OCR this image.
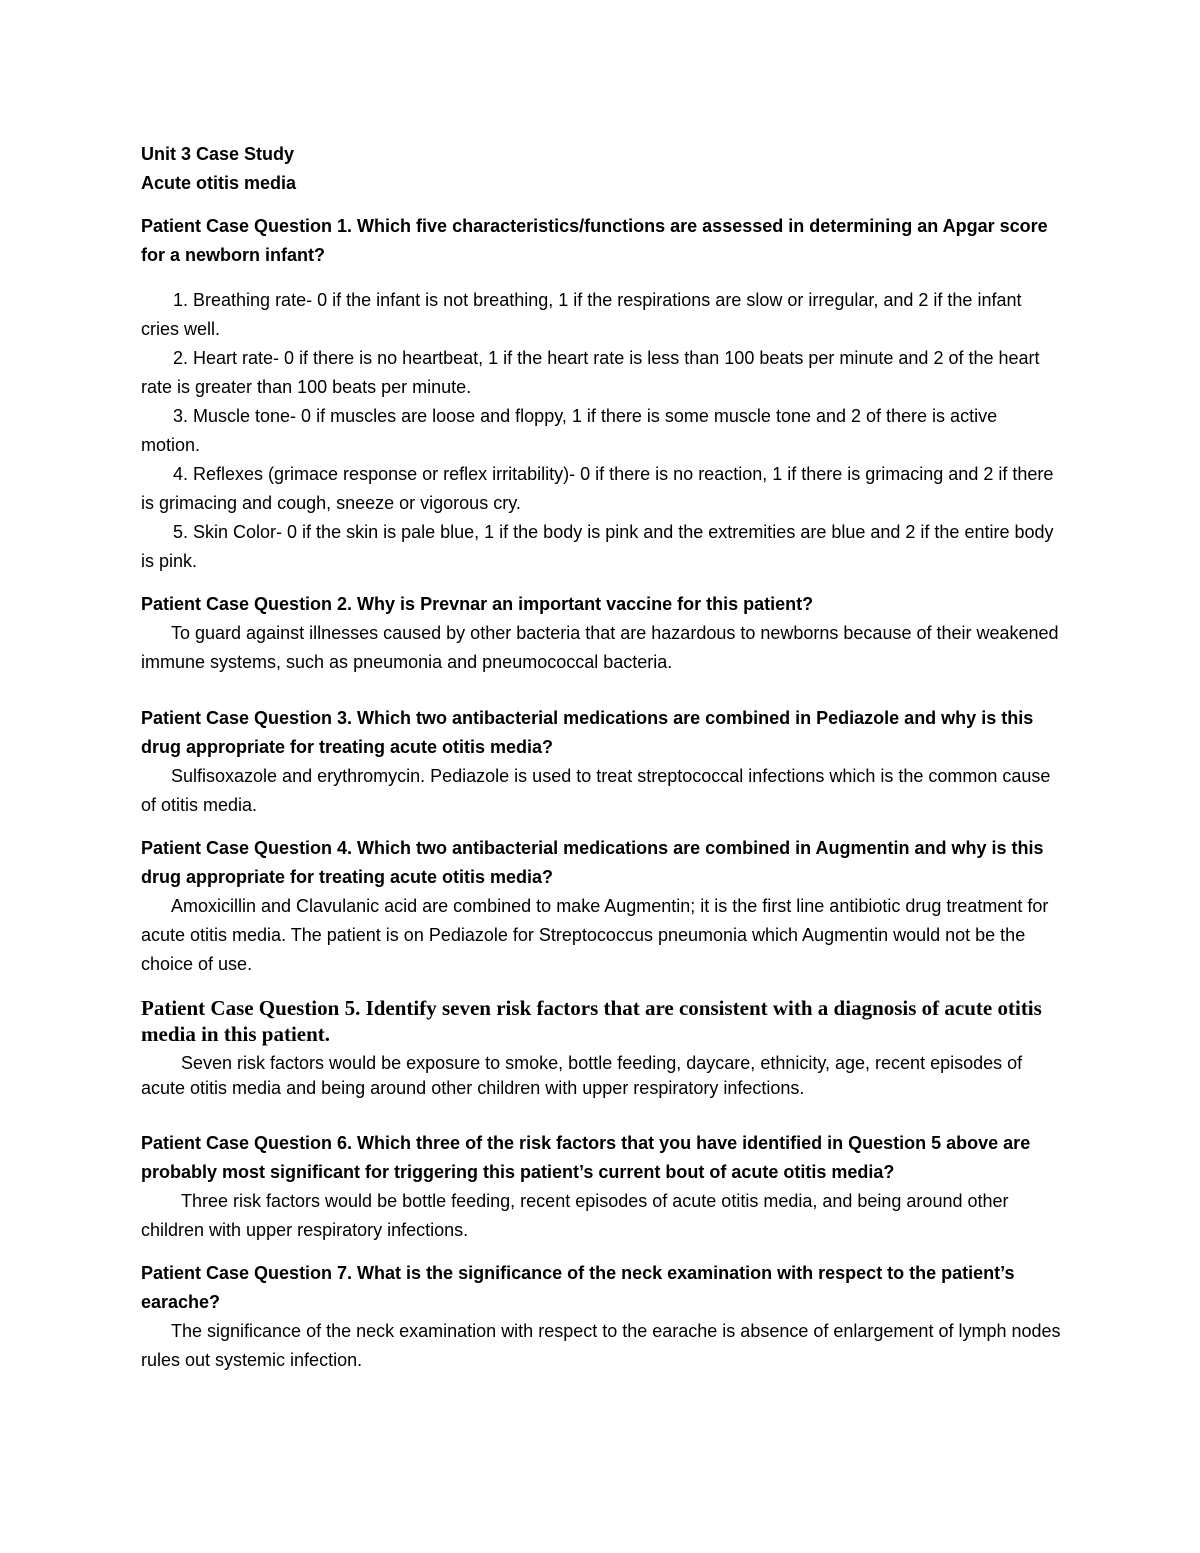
Unit 3 Case Study

Acute otitis media

Patient Case Question 1. Which five characteristics/functions are assessed in determining an Apgar score for a newborn infant?

1. Breathing rate- 0 if the infant is not breathing, 1 if the respirations are slow or irregular, and 2 if the infant cries well.
2. Heart rate- 0 if there is no heartbeat, 1 if the heart rate is less than 100 beats per minute and 2 of the heart rate is greater than 100 beats per minute.
3. Muscle tone- 0 if muscles are loose and floppy, 1 if there is some muscle tone and 2 of there is active motion.
4. Reflexes (grimace response or reflex irritability)- 0 if there is no reaction, 1 if there is grimacing and 2 if there is grimacing and cough, sneeze or vigorous cry.
5. Skin Color- 0 if the skin is pale blue, 1 if the body is pink and the extremities are blue and 2 if the entire body is pink.

Patient Case Question 2. Why is Prevnar an important vaccine for this patient?

To guard against illnesses caused by other bacteria that are hazardous to newborns because of their weakened immune systems, such as pneumonia and pneumococcal bacteria.

Patient Case Question 3. Which two antibacterial medications are combined in Pediazole and why is this drug appropriate for treating acute otitis media?

Sulfisoxazole and erythromycin. Pediazole is used to treat streptococcal infections which is the common cause of otitis media.

Patient Case Question 4. Which two antibacterial medications are combined in Augmentin and why is this drug appropriate for treating acute otitis media?

Amoxicillin and Clavulanic acid are combined to make Augmentin; it is the first line antibiotic drug treatment for acute otitis media. The patient is on Pediazole for Streptococcus pneumonia which Augmentin would not be the choice of use.

Patient Case Question 5. Identify seven risk factors that are consistent with a diagnosis of acute otitis media in this patient.

Seven risk factors would be exposure to smoke, bottle feeding, daycare, ethnicity, age, recent episodes of acute otitis media and being around other children with upper respiratory infections.

Patient Case Question 6. Which three of the risk factors that you have identified in Question 5 above are probably most significant for triggering this patient’s current bout of acute otitis media?

Three risk factors would be bottle feeding, recent episodes of acute otitis media, and being around other children with upper respiratory infections.

Patient Case Question 7. What is the significance of the neck examination with respect to the patient’s earache?

The significance of the neck examination with respect to the earache is absence of enlargement of lymph nodes rules out systemic infection.
